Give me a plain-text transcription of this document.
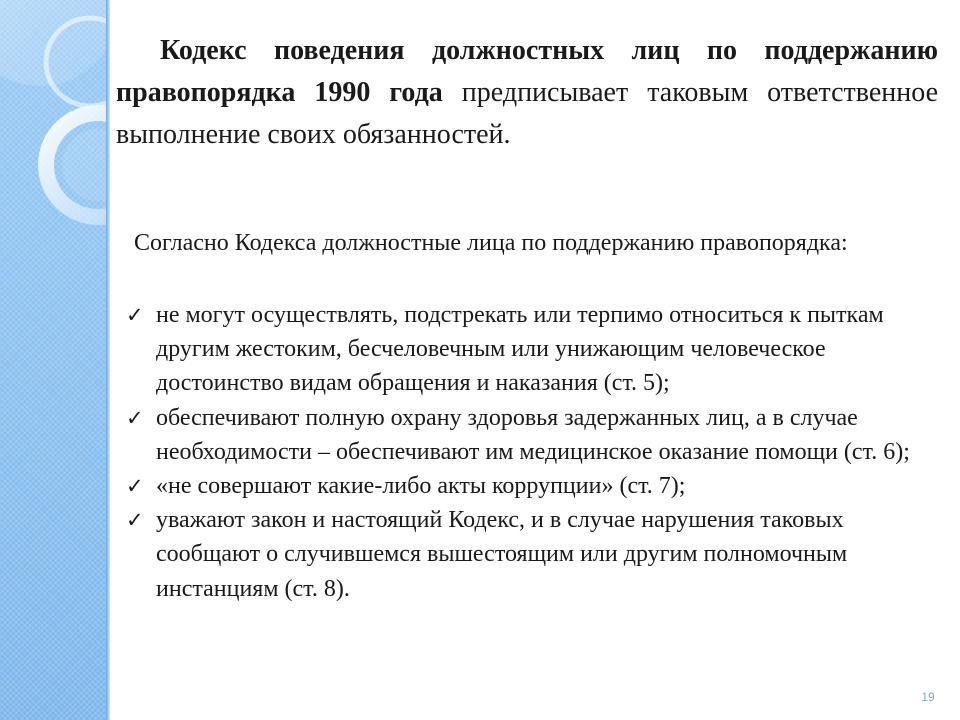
Кодекс поведения должностных лиц по поддержанию правопорядка 1990 года предписывает таковым ответственное выполнение своих обязанностей.
Согласно Кодекса должностные лица по поддержанию правопорядка:
✓ не могут осуществлять, подстрекать или терпимо относиться к пыткам другим жестоким, бесчеловечным или унижающим человеческое достоинство видам обращения и наказания (ст. 5);
✓ обеспечивают полную охрану здоровья задержанных лиц, а в случае необходимости – обеспечивают им медицинское оказание помощи (ст. 6);
✓ «не совершают какие-либо акты коррупции» (ст. 7);
✓ уважают закон и настоящий Кодекс, и в случае нарушения таковых сообщают о случившемся вышестоящим или другим полномочным инстанциям (ст. 8).
19
